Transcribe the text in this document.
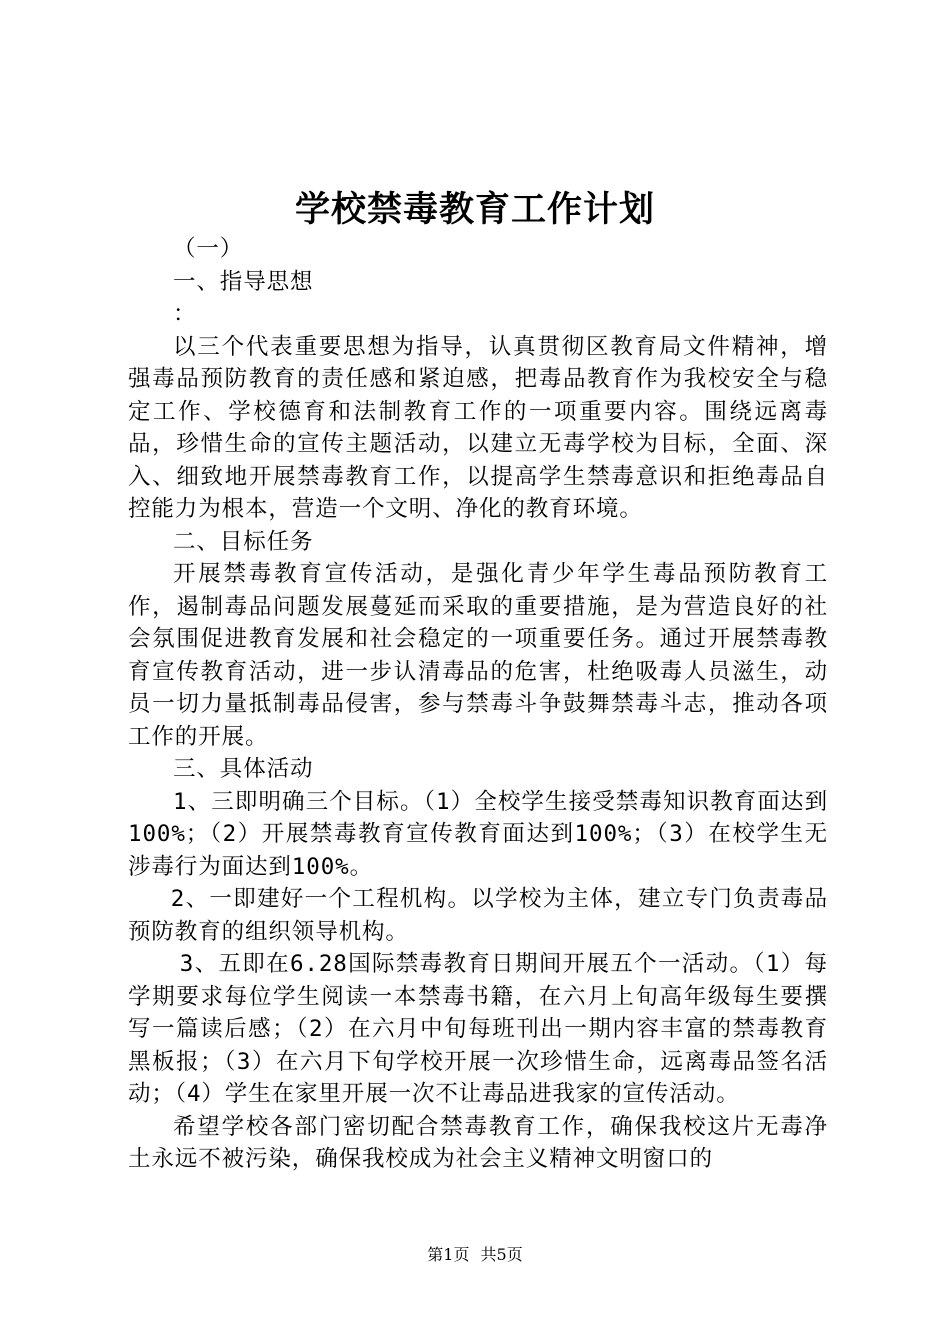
学校禁毒教育工作计划

（一）

一、指导思想

：

以三个代表重要思想为指导，认真贯彻区教育局文件精神，增强毒品预防教育的责任感和紧迫感，把毒品教育作为我校安全与稳定工作、学校德育和法制教育工作的一项重要内容。围绕远离毒品，珍惜生命的宣传主题活动，以建立无毒学校为目标，全面、深入、细致地开展禁毒教育工作，以提高学生禁毒意识和拒绝毒品自控能力为根本，营造一个文明、净化的教育环境。

二、目标任务

开展禁毒教育宣传活动，是强化青少年学生毒品预防教育工作，遏制毒品问题发展蔓延而采取的重要措施，是为营造良好的社会氛围促进教育发展和社会稳定的一项重要任务。通过开展禁毒教育宣传教育活动，进一步认清毒品的危害，杜绝吸毒人员滋生，动员一切力量抵制毒品侵害，参与禁毒斗争鼓舞禁毒斗志，推动各项工作的开展。

三、具体活动

1、三即明确三个目标。（1）全校学生接受禁毒知识教育面达到100%；（2）开展禁毒教育宣传教育面达到100%；（3）在校学生无涉毒行为面达到100%。

2、一即建好一个工程机构。以学校为主体，建立专门负责毒品预防教育的组织领导机构。

3、五即在6.28国际禁毒教育日期间开展五个一活动。（1）每学期要求每位学生阅读一本禁毒书籍，在六月上旬高年级每生要撰写一篇读后感；（2）在六月中旬每班刊出一期内容丰富的禁毒教育黑板报；（3）在六月下旬学校开展一次珍惜生命，远离毒品签名活动；（4）学生在家里开展一次不让毒品进我家的宣传活动。

希望学校各部门密切配合禁毒教育工作，确保我校这片无毒净土永远不被污染，确保我校成为社会主义精神文明窗口的

第1页 共5页
